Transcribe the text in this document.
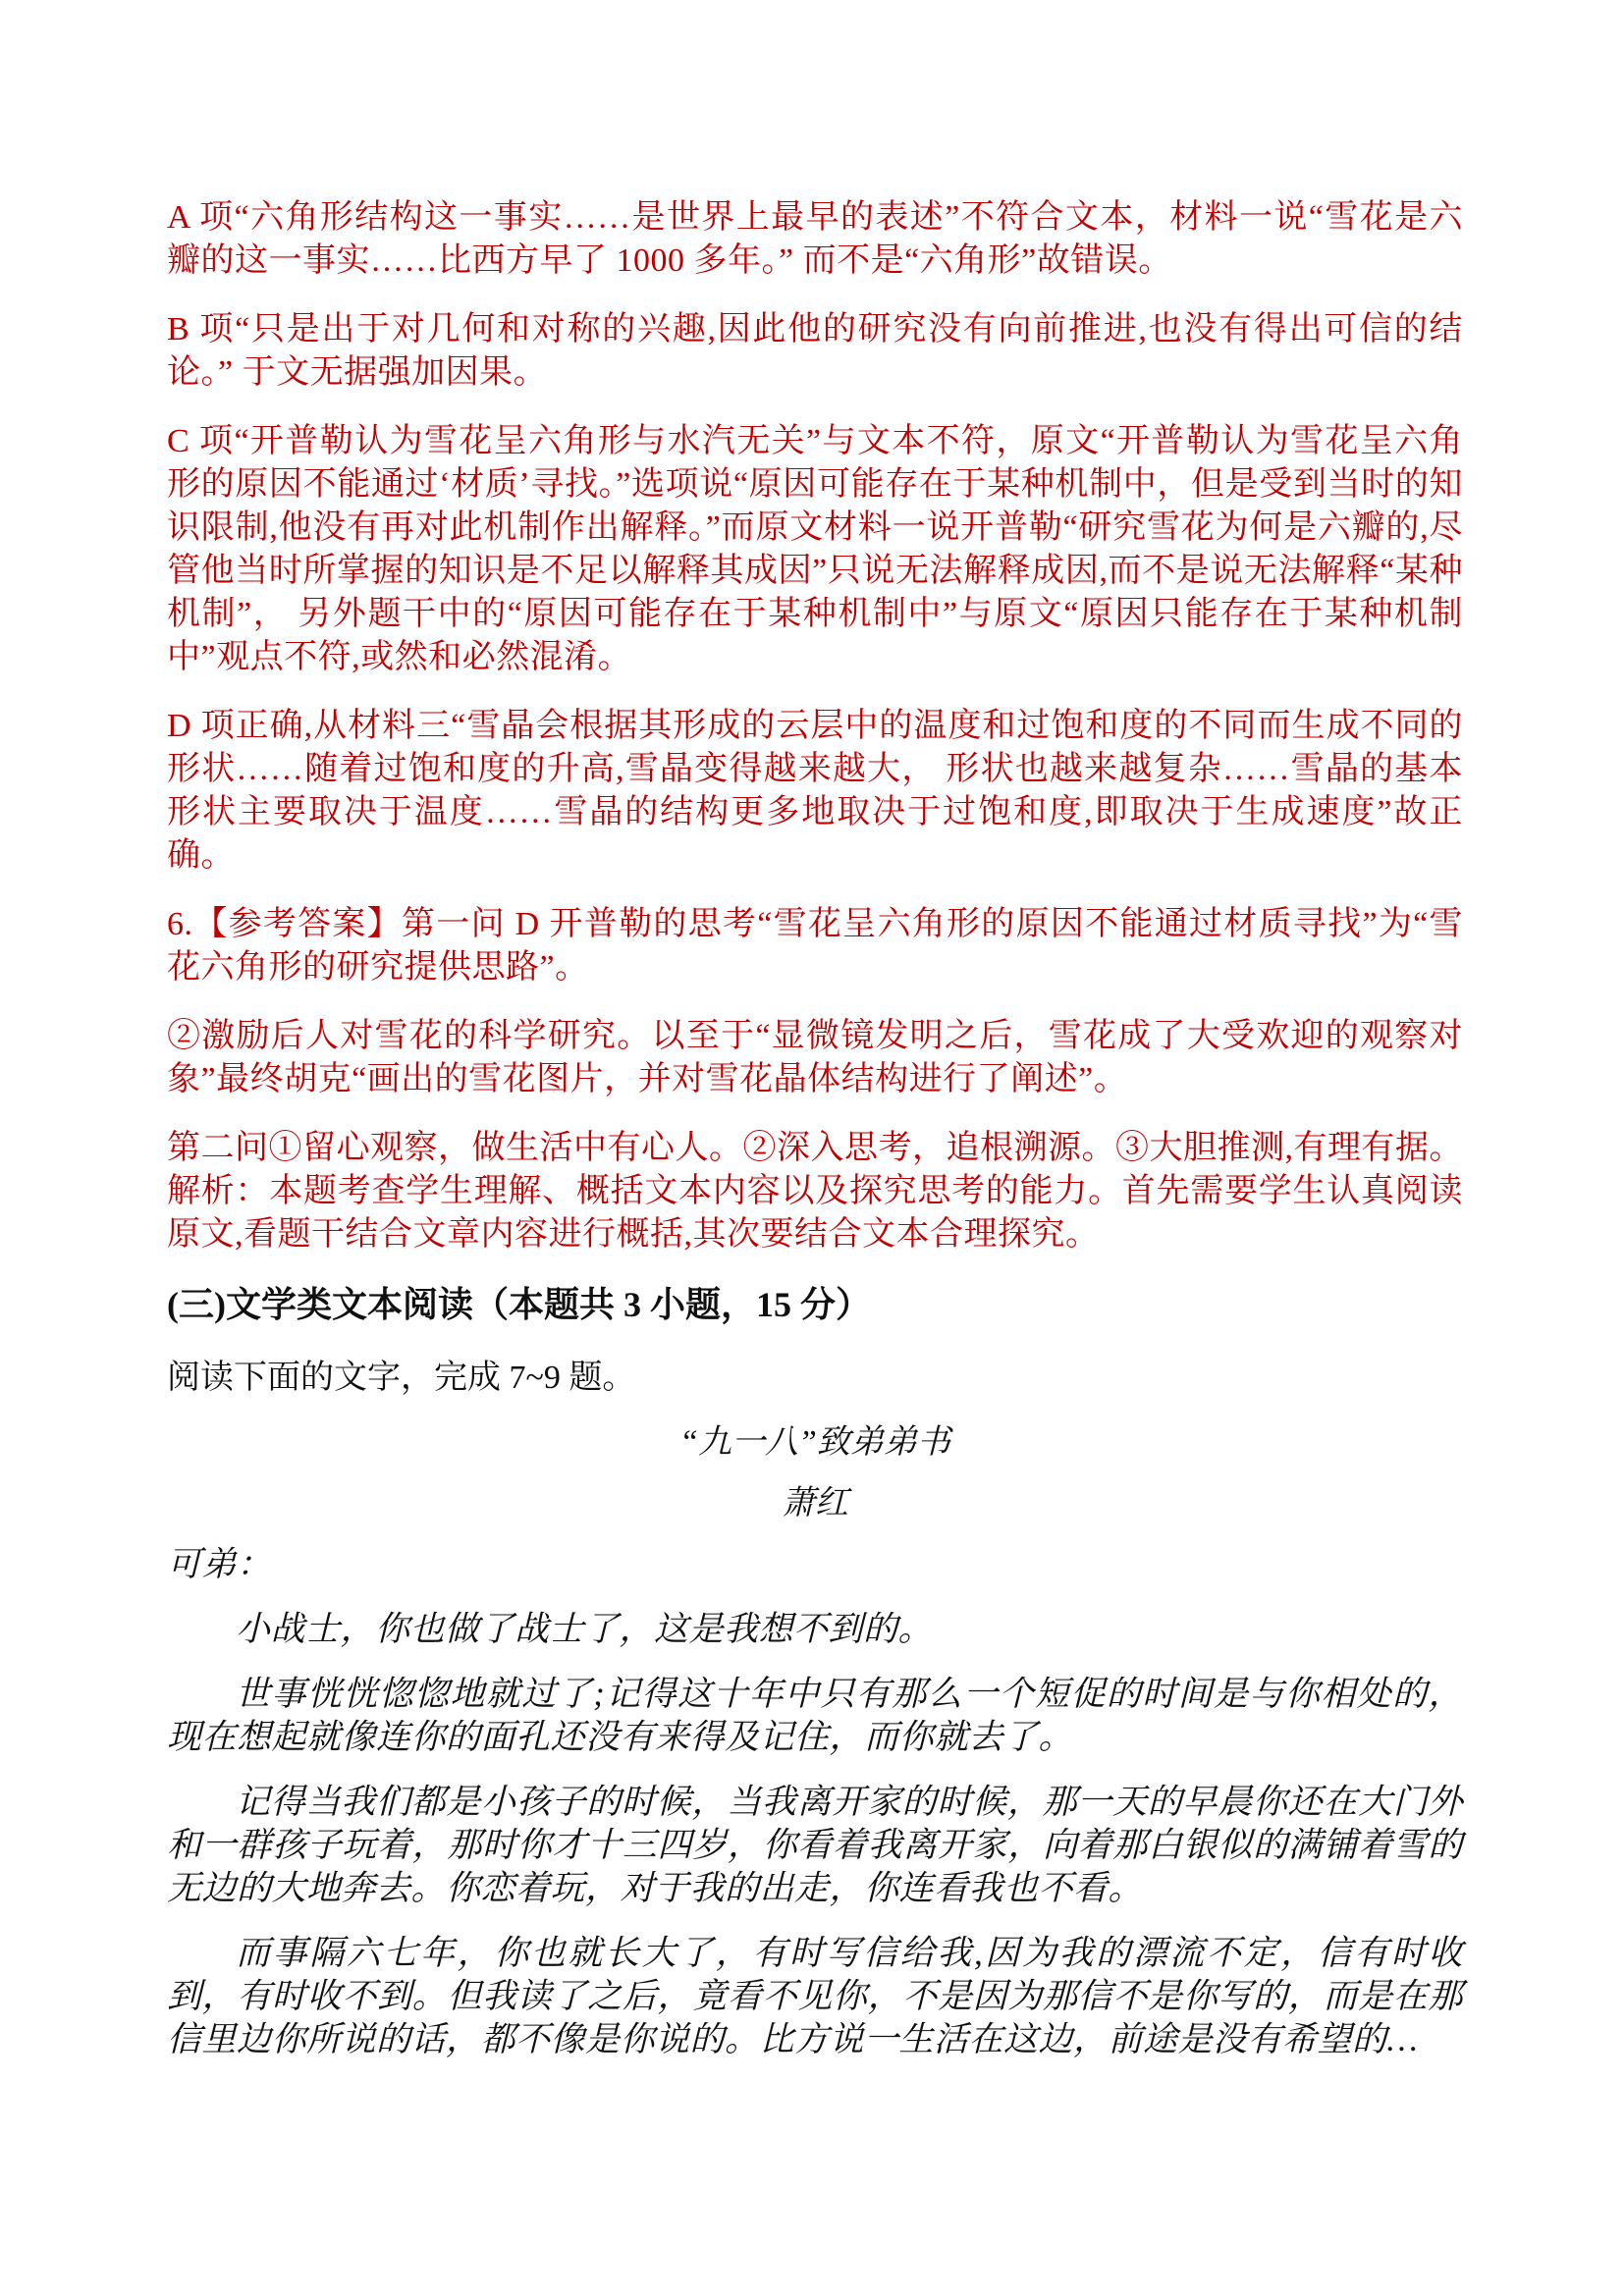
A 项“六角形结构这一事实……是世界上最早的表述”不符合文本，材料一说“雪花是六瓣的这一事实……比西方早了 1000 多年。” 而不是“六角形”故错误。

B 项“只是出于对几何和对称的兴趣,因此他的研究没有向前推进,也没有得出可信的结论。” 于文无据强加因果。

C 项“开普勒认为雪花呈六角形与水汽无关”与文本不符，原文“开普勒认为雪花呈六角形的原因不能通过‘材质’寻找。”选项说“原因可能存在于某种机制中，但是受到当时的知识限制,他没有再对此机制作出解释。”而原文材料一说开普勒“研究雪花为何是六瓣的,尽管他当时所掌握的知识是不足以解释其成因”只说无法解释成因,而不是说无法解释“某种机制”， 另外题干中的“原因可能存在于某种机制中”与原文“原因只能存在于某种机制中”观点不符,或然和必然混淆。

D 项正确,从材料三“雪晶会根据其形成的云层中的温度和过饱和度的不同而生成不同的形状……随着过饱和度的升高,雪晶变得越来越大， 形状也越来越复杂……雪晶的基本形状主要取决于温度……雪晶的结构更多地取决于过饱和度,即取决于生成速度”故正确。

6.【参考答案】第一问 D 开普勒的思考“雪花呈六角形的原因不能通过材质寻找”为“雪花六角形的研究提供思路”。

②激励后人对雪花的科学研究。以至于“显微镜发明之后，雪花成了大受欢迎的观察对象”最终胡克“画出的雪花图片，并对雪花晶体结构进行了阐述”。

第二问①留心观察，做生活中有心人。②深入思考，追根溯源。③大胆推测,有理有据。解析：本题考查学生理解、概括文本内容以及探究思考的能力。首先需要学生认真阅读原文,看题干结合文章内容进行概括,其次要结合文本合理探究。

(三)文学类文本阅读（本题共 3 小题，15 分）

阅读下面的文字，完成 7~9 题。

“九一八”致弟弟书

萧红

可弟：

小战士，你也做了战士了，这是我想不到的。

世事恍恍惚惚地就过了;记得这十年中只有那么一个短促的时间是与你相处的，现在想起就像连你的面孔还没有来得及记住，而你就去了。

记得当我们都是小孩子的时候，当我离开家的时候，那一天的早晨你还在大门外和一群孩子玩着，那时你才十三四岁，你看着我离开家，向着那白银似的满铺着雪的无边的大地奔去。你恋着玩，对于我的出走，你连看我也不看。

而事隔六七年，你也就长大了，有时写信给我,因为我的漂流不定，信有时收到，有时收不到。但我读了之后，竟看不见你，不是因为那信不是你写的，而是在那信里边你所说的话，都不像是你说的。比方说一生活在这边，前途是没有希望的…
